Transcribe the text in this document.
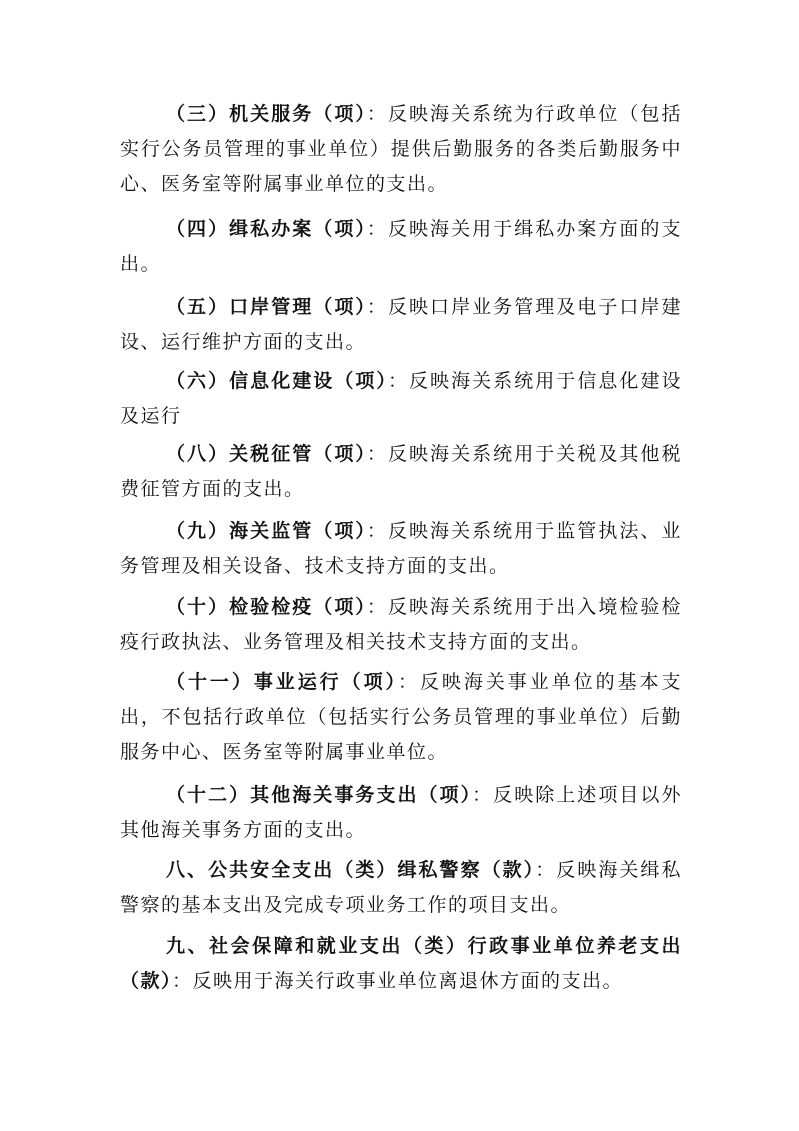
（三）机关服务（项）：反映海关系统为行政单位（包括实行公务员管理的事业单位）提供后勤服务的各类后勤服务中心、医务室等附属事业单位的支出。

（四）缉私办案（项）：反映海关用于缉私办案方面的支出。

（五）口岸管理（项）：反映口岸业务管理及电子口岸建设、运行维护方面的支出。

（六）信息化建设（项）：反映海关系统用于信息化建设及运行

（八）关税征管（项）：反映海关系统用于关税及其他税费征管方面的支出。

（九）海关监管（项）：反映海关系统用于监管执法、业务管理及相关设备、技术支持方面的支出。

（十）检验检疫（项）：反映海关系统用于出入境检验检疫行政执法、业务管理及相关技术支持方面的支出。

（十一）事业运行（项）：反映海关事业单位的基本支出，不包括行政单位（包括实行公务员管理的事业单位）后勤服务中心、医务室等附属事业单位。

（十二）其他海关事务支出（项）：反映除上述项目以外其他海关事务方面的支出。

八、公共安全支出（类）缉私警察（款）：反映海关缉私警察的基本支出及完成专项业务工作的项目支出。

九、社会保障和就业支出（类）行政事业单位养老支出（款）：反映用于海关行政事业单位离退休方面的支出。
